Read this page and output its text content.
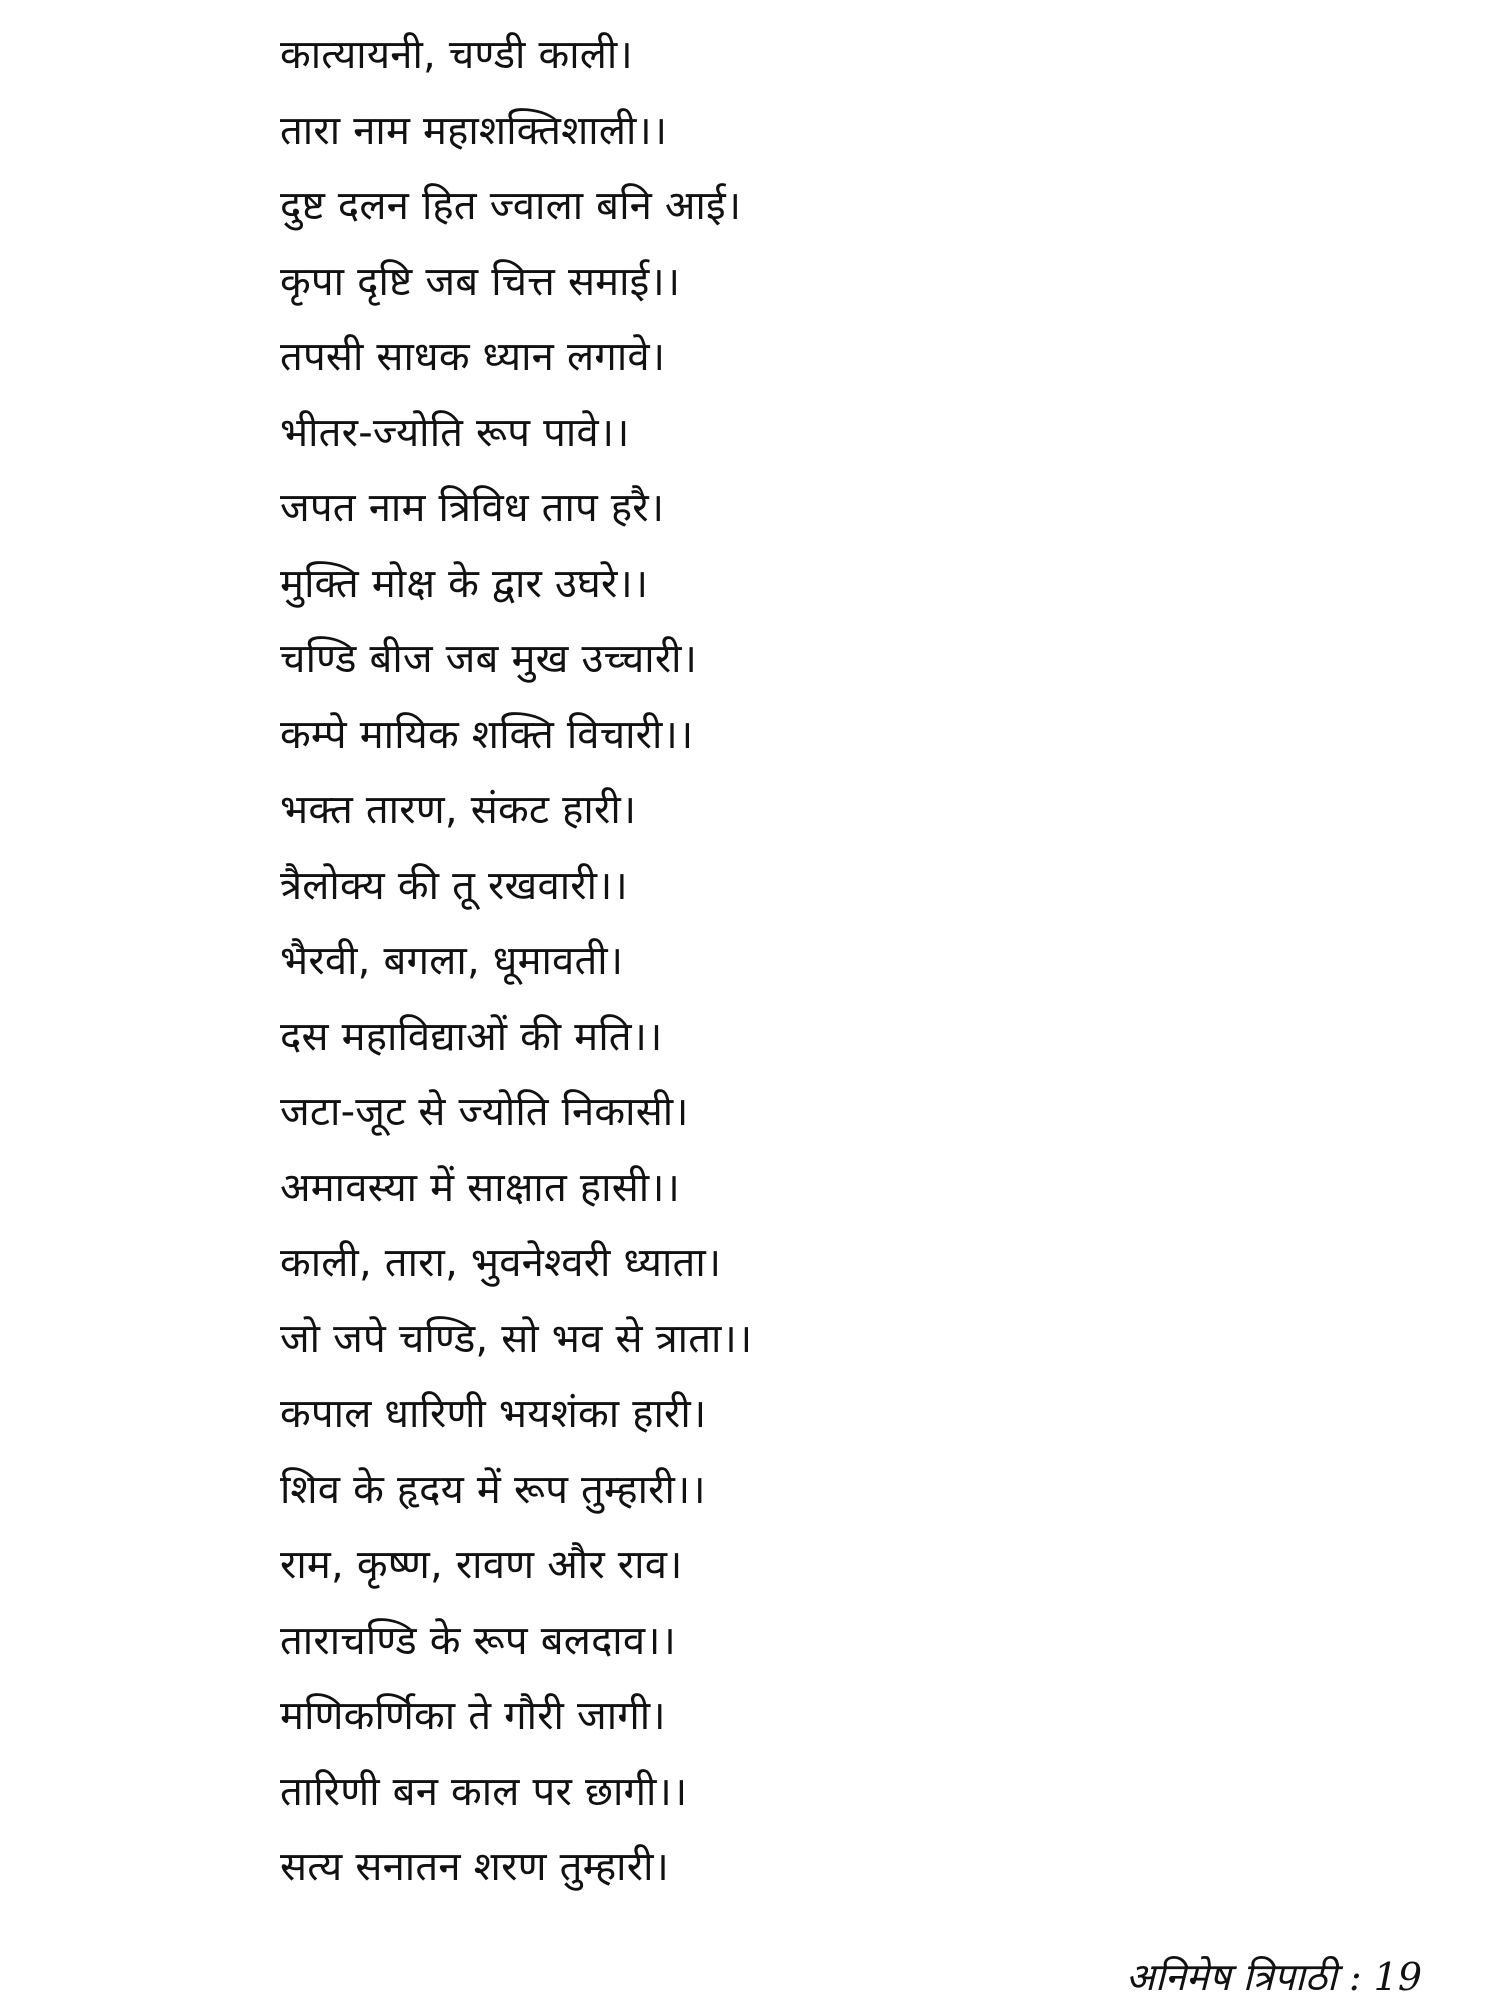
कात्यायनी, चण्डी काली।
तारा नाम महाशक्तिशाली।।
दुष्ट दलन हित ज्वाला बनि आई।
कृपा दृष्टि जब चित्त समाई।।
तपसी साधक ध्यान लगावे।
भीतर-ज्योति रूप पावे।।
जपत नाम त्रिविध ताप हरै।
मुक्ति मोक्ष के द्वार उघरे।।
चण्डि बीज जब मुख उच्चारी।
कम्पे मायिक शक्ति विचारी।।
भक्त तारण, संकट हारी।
त्रैलोक्य की तू रखवारी।।
भैरवी, बगला, धूमावती।
दस महाविद्याओं की मति।।
जटा-जूट से ज्योति निकासी।
अमावस्या में साक्षात हासी।।
काली, तारा, भुवनेश्वरी ध्याता।
जो जपे चण्डि, सो भव से त्राता।।
कपाल धारिणी भयशंका हारी।
शिव के हृदय में रूप तुम्हारी।।
राम, कृष्ण, रावण और राव।
ताराचण्डि के रूप बलदाव।।
मणिकर्णिका ते गौरी जागी।
तारिणी बन काल पर छागी।।
सत्य सनातन शरण तुम्हारी।
अनिमेष त्रिपाठी : 19
